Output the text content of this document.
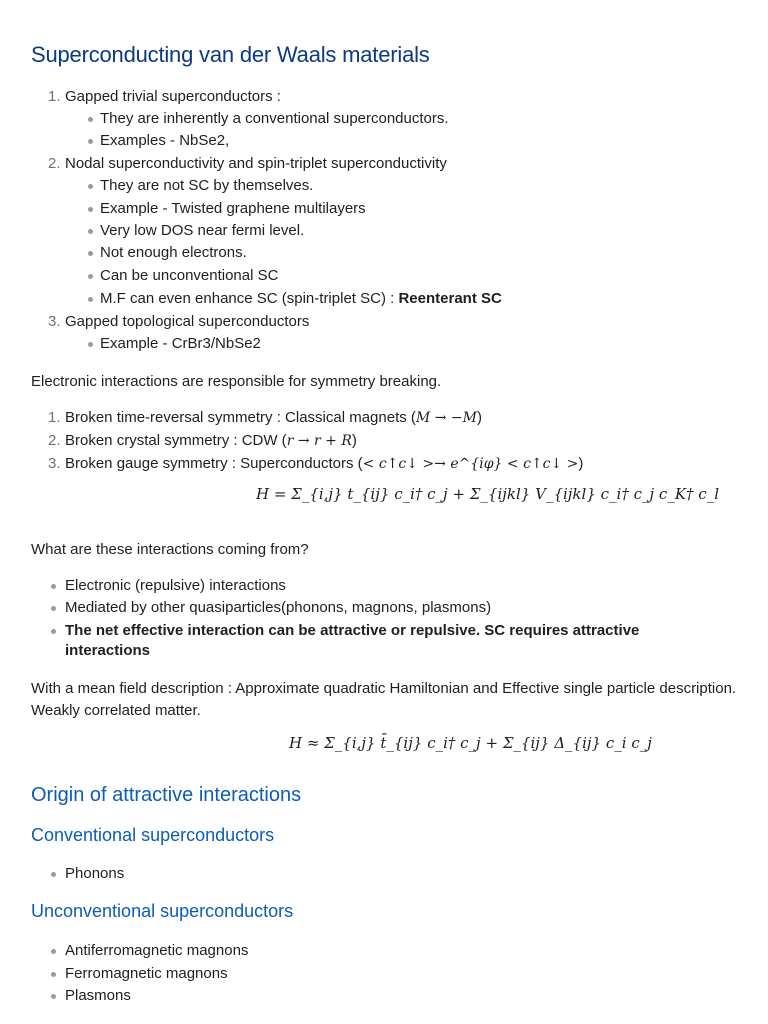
Superconducting van der Waals materials
1. Gapped trivial superconductors :
They are inherently a conventional superconductors.
Examples - NbSe2,
2. Nodal superconductivity and spin-triplet superconductivity
They are not SC by themselves.
Example - Twisted graphene multilayers
Very low DOS near fermi level.
Not enough electrons.
Can be unconventional SC
M.F can even enhance SC (spin-triplet SC) : Reenterant SC
3. Gapped topological superconductors
Example - CrBr3/NbSe2
Electronic interactions are responsible for symmetry breaking.
1. Broken time-reversal symmetry : Classical magnets (M → −M)
2. Broken crystal symmetry : CDW (r → r + R)
3. Broken gauge symmetry : Superconductors (< c↑c↓ >→ e^{iφ} < c↑c↓ >)
H = Σ_{i,j} t_{ij} c_i† c_j + Σ_{ijkl} V_{ijkl} c_i† c_j c_K† c_l
What are these interactions coming from?
Electronic (repulsive) interactions
Mediated by other quasiparticles(phonons, magnons, plasmons)
The net effective interaction can be attractive or repulsive. SC requires attractive
interactions
With a mean field description : Approximate quadratic Hamiltonian and Effective single particle description. Weakly correlated matter.
H ≈ Σ_{i,j} t̄_{ij} c_i† c_j + Σ_{ij} Δ_{ij} c_i c_j
Origin of attractive interactions
Conventional superconductors
Phonons
Unconventional superconductors
Antiferromagnetic magnons
Ferromagnetic magnons
Plasmons
